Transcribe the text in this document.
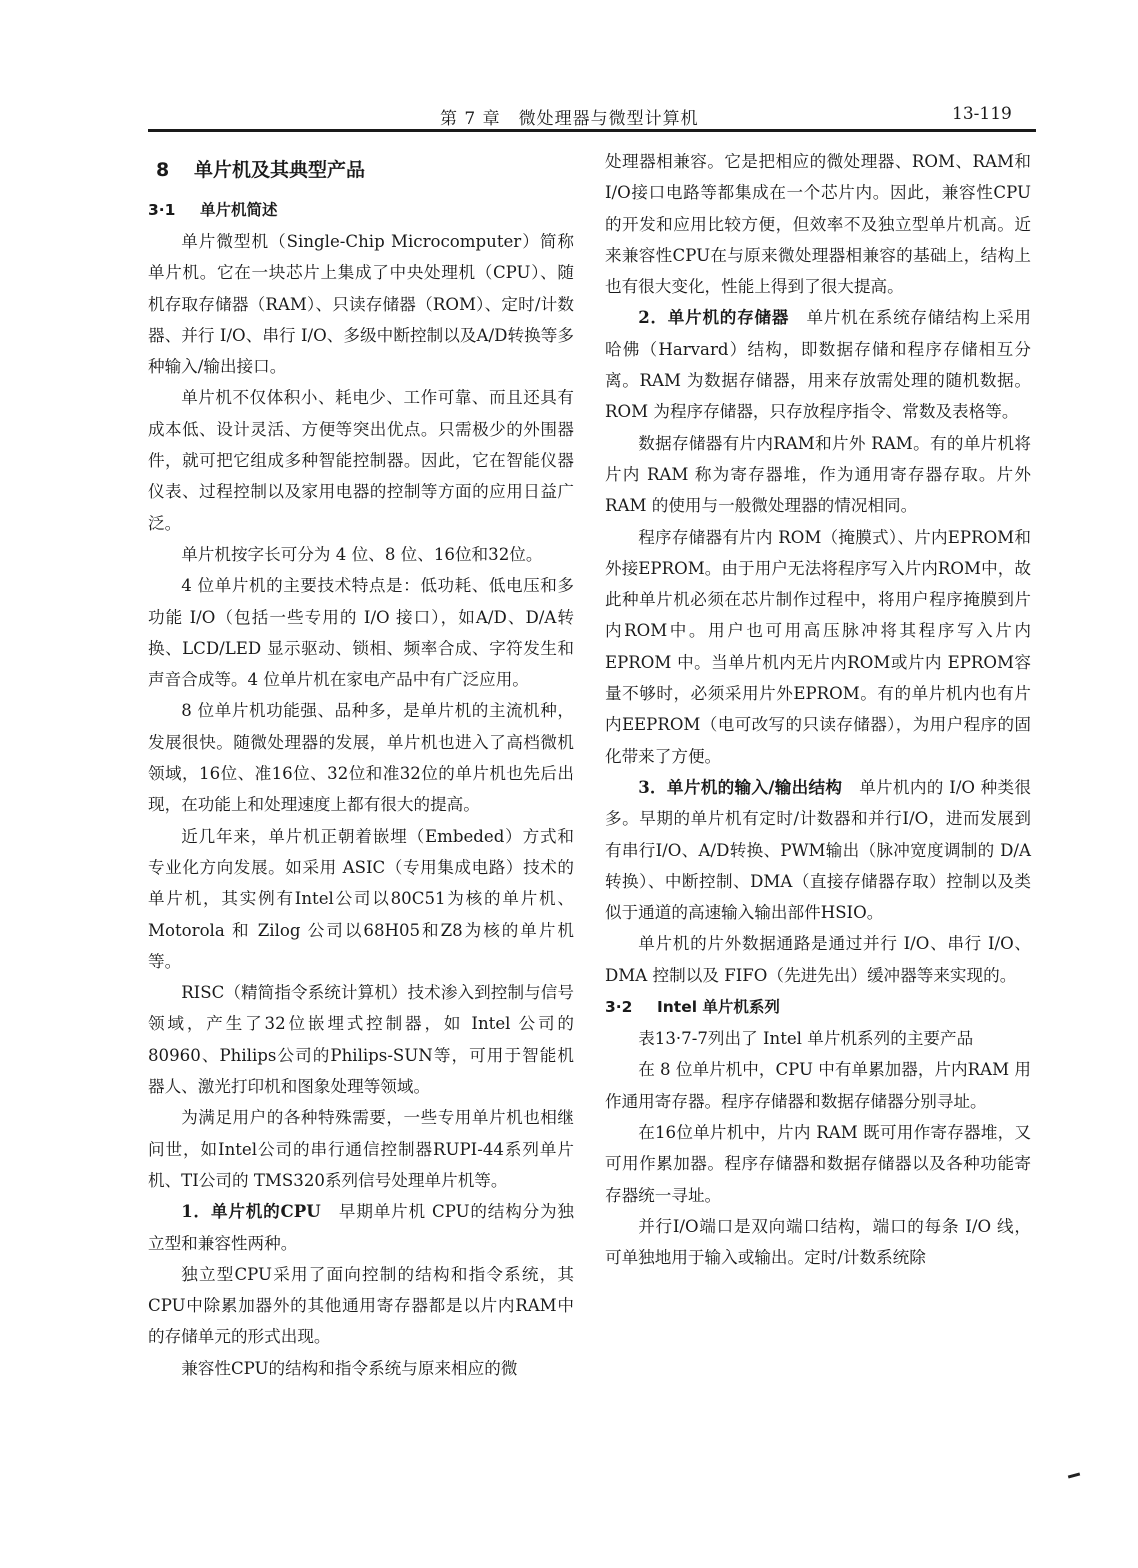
第 7 章　微处理器与微型计算机	13-119
8 单片机及其典型产品
3·1 单片机简述

单片微型机（Single-Chip Microcomputer）简称单片机。它在一块芯片上集成了中央处理机（CPU）、随机存取存储器（RAM）、只读存储器（ROM）、定时/计数器、并行 I/O、串行 I/O、多级中断控制以及A/D转换等多种输入/输出接口。

单片机不仅体积小、耗电少、工作可靠、而且还具有成本低、设计灵活、方便等突出优点。只需极少的外围器件，就可把它组成多种智能控制器。因此，它在智能仪器仪表、过程控制以及家用电器的控制等方面的应用日益广泛。

单片机按字长可分为 4 位、8 位、16位和32位。

4 位单片机的主要技术特点是：低功耗、低电压和多功能 I/O（包括一些专用的 I/O 接口），如A/D、D/A转换、LCD/LED 显示驱动、锁相、频率合成、字符发生和声音合成等。4 位单片机在家电产品中有广泛应用。

8 位单片机功能强、品种多，是单片机的主流机种，发展很快。随微处理器的发展，单片机也进入了高档微机领域，16位、准16位、32位和准32位的单片机也先后出现，在功能上和处理速度上都有很大的提高。

近几年来，单片机正朝着嵌埋（Embeded）方式和专业化方向发展。如采用 ASIC（专用集成电路）技术的单片机，其实例有Intel公司以80C51为核的单片机、Motorola 和 Zilog 公司以68H05和Z8为核的单片机等。

RISC（精简指令系统计算机）技术渗入到控制与信号领域，产生了32位嵌埋式控制器，如 Intel 公司的80960、Philips公司的Philips-SUN等，可用于智能机器人、激光打印机和图象处理等领域。

为满足用户的各种特殊需要，一些专用单片机也相继问世，如Intel公司的串行通信控制器RUPI-44系列单片机、TI公司的 TMS320系列信号处理单片机等。

1．单片机的CPU　早期单片机 CPU的结构分为独立型和兼容性两种。

独立型CPU采用了面向控制的结构和指令系统，其CPU中除累加器外的其他通用寄存器都是以片内RAM中的存储单元的形式出现。

兼容性CPU的结构和指令系统与原来相应的微

处理器相兼容。它是把相应的微处理器、ROM、RAM和 I/O接口电路等都集成在一个芯片内。因此，兼容性CPU的开发和应用比较方便，但效率不及独立型单片机高。近来兼容性CPU在与原来微处理器相兼容的基础上，结构上也有很大变化，性能上得到了很大提高。

2．单片机的存储器　单片机在系统存储结构上采用哈佛（Harvard）结构，即数据存储和程序存储相互分离。RAM 为数据存储器，用来存放需处理的随机数据。ROM 为程序存储器，只存放程序指令、常数及表格等。

数据存储器有片内RAM和片外 RAM。有的单片机将片内 RAM 称为寄存器堆，作为通用寄存器存取。片外 RAM 的使用与一般微处理器的情况相同。

程序存储器有片内 ROM（掩膜式）、片内EPROM和外接EPROM。由于用户无法将程序写入片内ROM中，故此种单片机必须在芯片制作过程中，将用户程序掩膜到片内ROM中。用户也可用高压脉冲将其程序写入片内 EPROM 中。当单片机内无片内ROM或片内 EPROM容量不够时，必须采用片外EPROM。有的单片机内也有片内EEPROM（电可改写的只读存储器），为用户程序的固化带来了方便。

3．单片机的输入/输出结构　单片机内的 I/O 种类很多。早期的单片机有定时/计数器和并行I/O，进而发展到有串行I/O、A/D转换、PWM输出（脉冲宽度调制的 D/A转换）、中断控制、DMA（直接存储器存取）控制以及类似于通道的高速输入输出部件HSIO。

单片机的片外数据通路是通过并行 I/O、串行 I/O、DMA 控制以及 FIFO（先进先出）缓冲器等来实现的。

3·2 Intel 单片机系列

表13·7-7列出了 Intel 单片机系列的主要产品

在 8 位单片机中，CPU 中有单累加器，片内RAM 用作通用寄存器。程序存储器和数据存储器分别寻址。

在16位单片机中，片内 RAM 既可用作寄存器堆，又可用作累加器。程序存储器和数据存储器以及各种功能寄存器统一寻址。

并行I/O端口是双向端口结构，端口的每条 I/O 线，可单独地用于输入或输出。定时/计数系统除
